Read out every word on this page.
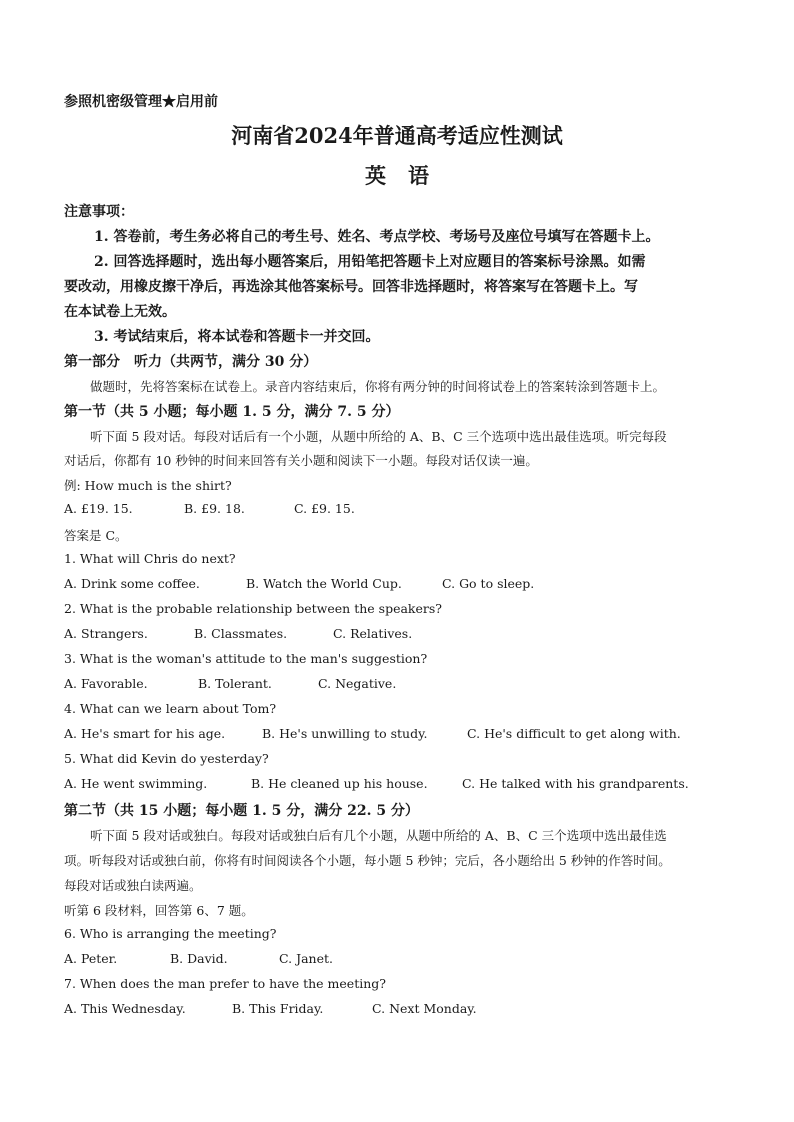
参照机密级管理★启用前
河南省2024年普通高考适应性测试
英语
注意事项：
1. 答卷前，考生务必将自己的考生号、姓名、考点学校、考场号及座位号填写在答题卡上。
2. 回答选择题时，选出每小题答案后，用铅笔把答题卡上对应题目的答案标号涂黑。如需
要改动，用橡皮擦干净后，再选涂其他答案标号。回答非选择题时，将答案写在答题卡上。写
在本试卷上无效。
3. 考试结束后，将本试卷和答题卡一并交回。
第一部分　听力（共两节，满分 30 分）
做题时，先将答案标在试卷上。录音内容结束后，你将有两分钟的时间将试卷上的答案转涂到答题卡上。
第一节（共 5 小题；每小题 1. 5 分，满分 7. 5 分）
听下面 5 段对话。每段对话后有一个小题，从题中所给的 A、B、C 三个选项中选出最佳选项。听完每段
对话后，你都有 10 秒钟的时间来回答有关小题和阅读下一小题。每段对话仅读一遍。
例: How much is the shirt?
A. £19. 15.	B. £9. 18.	C. £9. 15.
答案是 C。
1. What will Chris do next?
A. Drink some coffee.	B. Watch the World Cup.	C. Go to sleep.
2. What is the probable relationship between the speakers?
A. Strangers.	B. Classmates.	C. Relatives.
3. What is the woman's attitude to the man's suggestion?
A. Favorable.	B. Tolerant.	C. Negative.
4. What can we learn about Tom?
A. He's smart for his age.	B. He's unwilling to study.	C. He's difficult to get along with.
5. What did Kevin do yesterday?
A. He went swimming.	B. He cleaned up his house.	C. He talked with his grandparents.
第二节（共 15 小题；每小题 1. 5 分，满分 22. 5 分）
听下面 5 段对话或独白。每段对话或独白后有几个小题，从题中所给的 A、B、C 三个选项中选出最佳选
项。听每段对话或独白前，你将有时间阅读各个小题，每小题 5 秒钟；完后，各小题给出 5 秒钟的作答时间。
每段对话或独白读两遍。
听第 6 段材料，回答第 6、7 题。
6. Who is arranging the meeting?
A. Peter.	B. David.	C. Janet.
7. When does the man prefer to have the meeting?
A. This Wednesday.	B. This Friday.	C. Next Monday.
